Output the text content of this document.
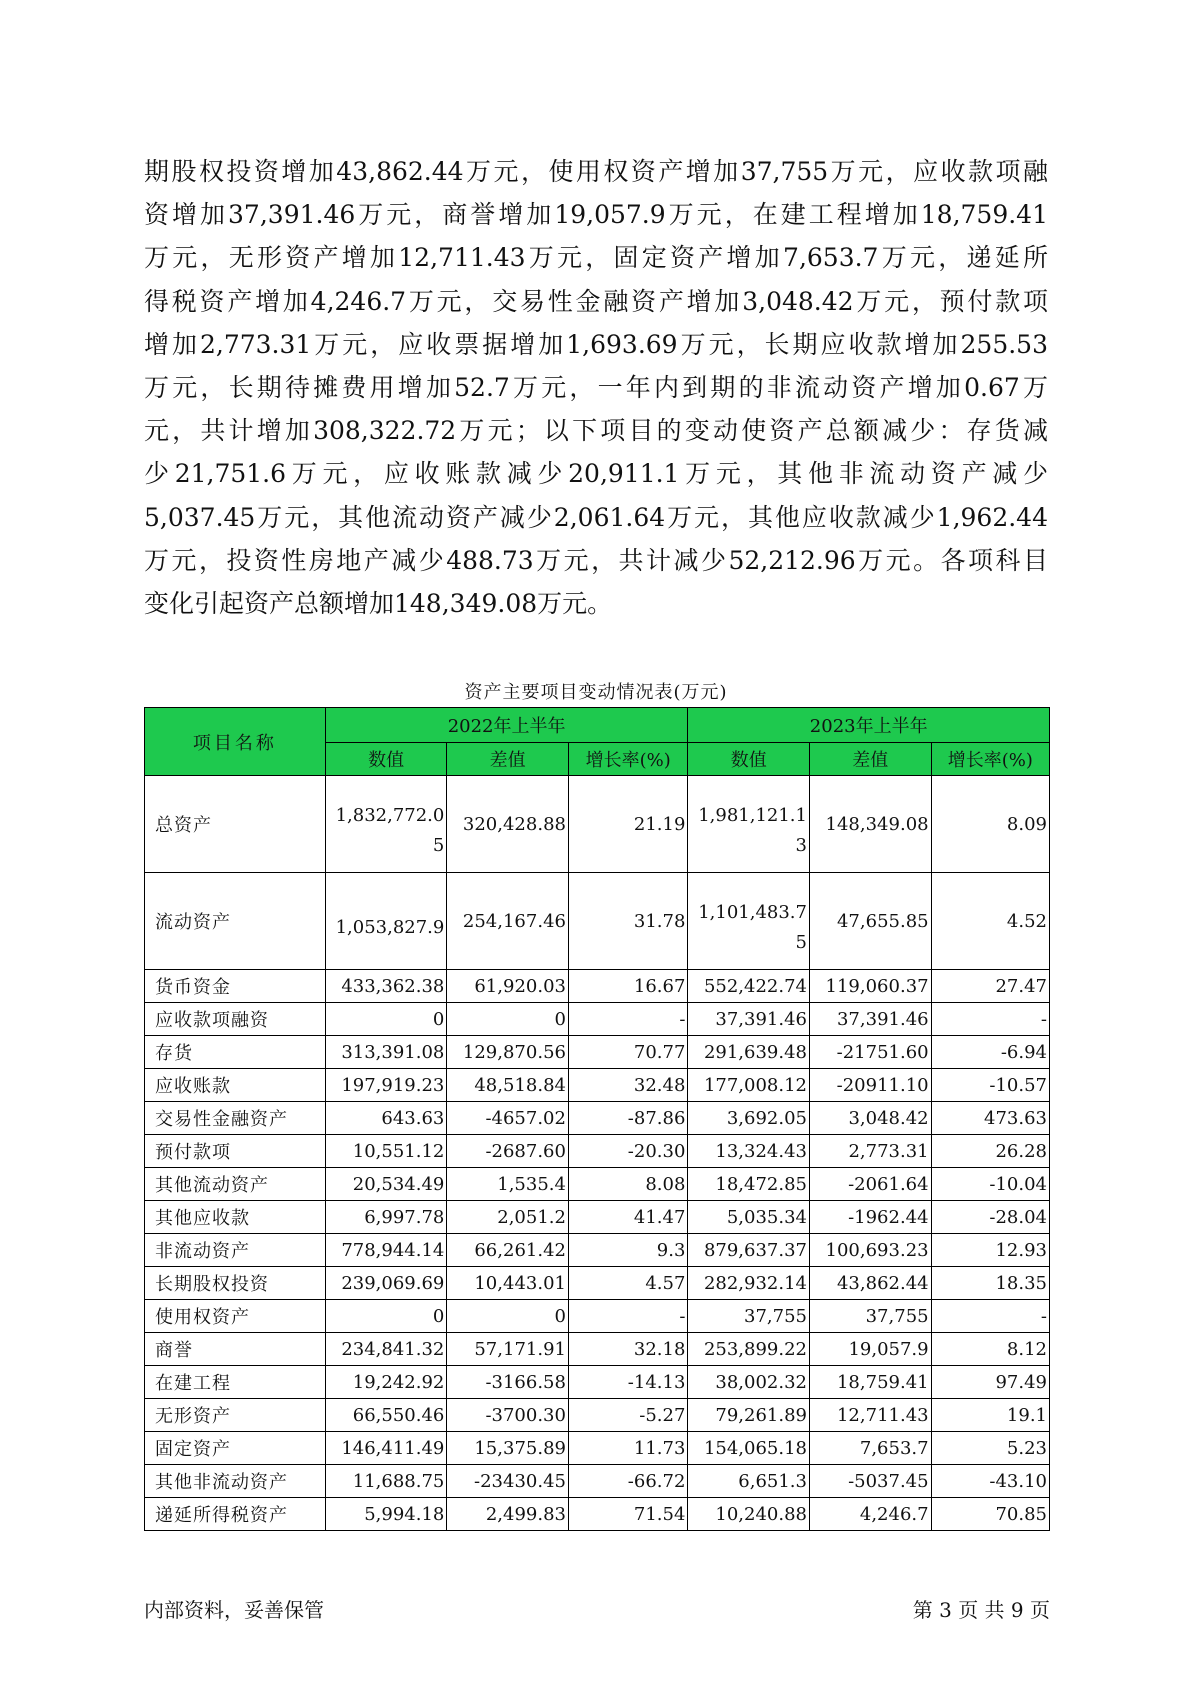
期股权投资增加43,862.44万元，使用权资产增加37,755万元，应收款项融
资增加37,391.46万元，商誉增加19,057.9万元，在建工程增加18,759.41
万元，无形资产增加12,711.43万元，固定资产增加7,653.7万元，递延所
得税资产增加4,246.7万元，交易性金融资产增加3,048.42万元，预付款项
增加2,773.31万元，应收票据增加1,693.69万元，长期应收款增加255.53
万元，长期待摊费用增加52.7万元，一年内到期的非流动资产增加0.67万
元，共计增加308,322.72万元；以下项目的变动使资产总额减少：存货减
少21,751.6万元，应收账款减少20,911.1万元，其他非流动资产减少
5,037.45万元，其他流动资产减少2,061.64万元，其他应收款减少1,962.44
万元，投资性房地产减少488.73万元，共计减少52,212.96万元。各项科目
变化引起资产总额增加148,349.08万元。
资产主要项目变动情况表(万元)
项目名称	2022年上半年			2023年上半年		
	数值	差值	增长率(%)	数值	差值	增长率(%)
总资产	1,832,772.05	320,428.88	21.19	1,981,121.13	148,349.08	8.09
流动资产	1,053,827.9	254,167.46	31.78	1,101,483.75	47,655.85	4.52
货币资金	433,362.38	61,920.03	16.67	552,422.74	119,060.37	27.47
应收款项融资	0	0	-	37,391.46	37,391.46	-
存货	313,391.08	129,870.56	70.77	291,639.48	-21751.60	-6.94
应收账款	197,919.23	48,518.84	32.48	177,008.12	-20911.10	-10.57
交易性金融资产	643.63	-4657.02	-87.86	3,692.05	3,048.42	473.63
预付款项	10,551.12	-2687.60	-20.30	13,324.43	2,773.31	26.28
其他流动资产	20,534.49	1,535.4	8.08	18,472.85	-2061.64	-10.04
其他应收款	6,997.78	2,051.2	41.47	5,035.34	-1962.44	-28.04
非流动资产	778,944.14	66,261.42	9.3	879,637.37	100,693.23	12.93
长期股权投资	239,069.69	10,443.01	4.57	282,932.14	43,862.44	18.35
使用权资产	0	0	-	37,755	37,755	-
商誉	234,841.32	57,171.91	32.18	253,899.22	19,057.9	8.12
在建工程	19,242.92	-3166.58	-14.13	38,002.32	18,759.41	97.49
无形资产	66,550.46	-3700.30	-5.27	79,261.89	12,711.43	19.1
固定资产	146,411.49	15,375.89	11.73	154,065.18	7,653.7	5.23
其他非流动资产	11,688.75	-23430.45	-66.72	6,651.3	-5037.45	-43.10
递延所得税资产	5,994.18	2,499.83	71.54	10,240.88	4,246.7	70.85
内部资料，妥善保管	第 3 页 共 9 页
